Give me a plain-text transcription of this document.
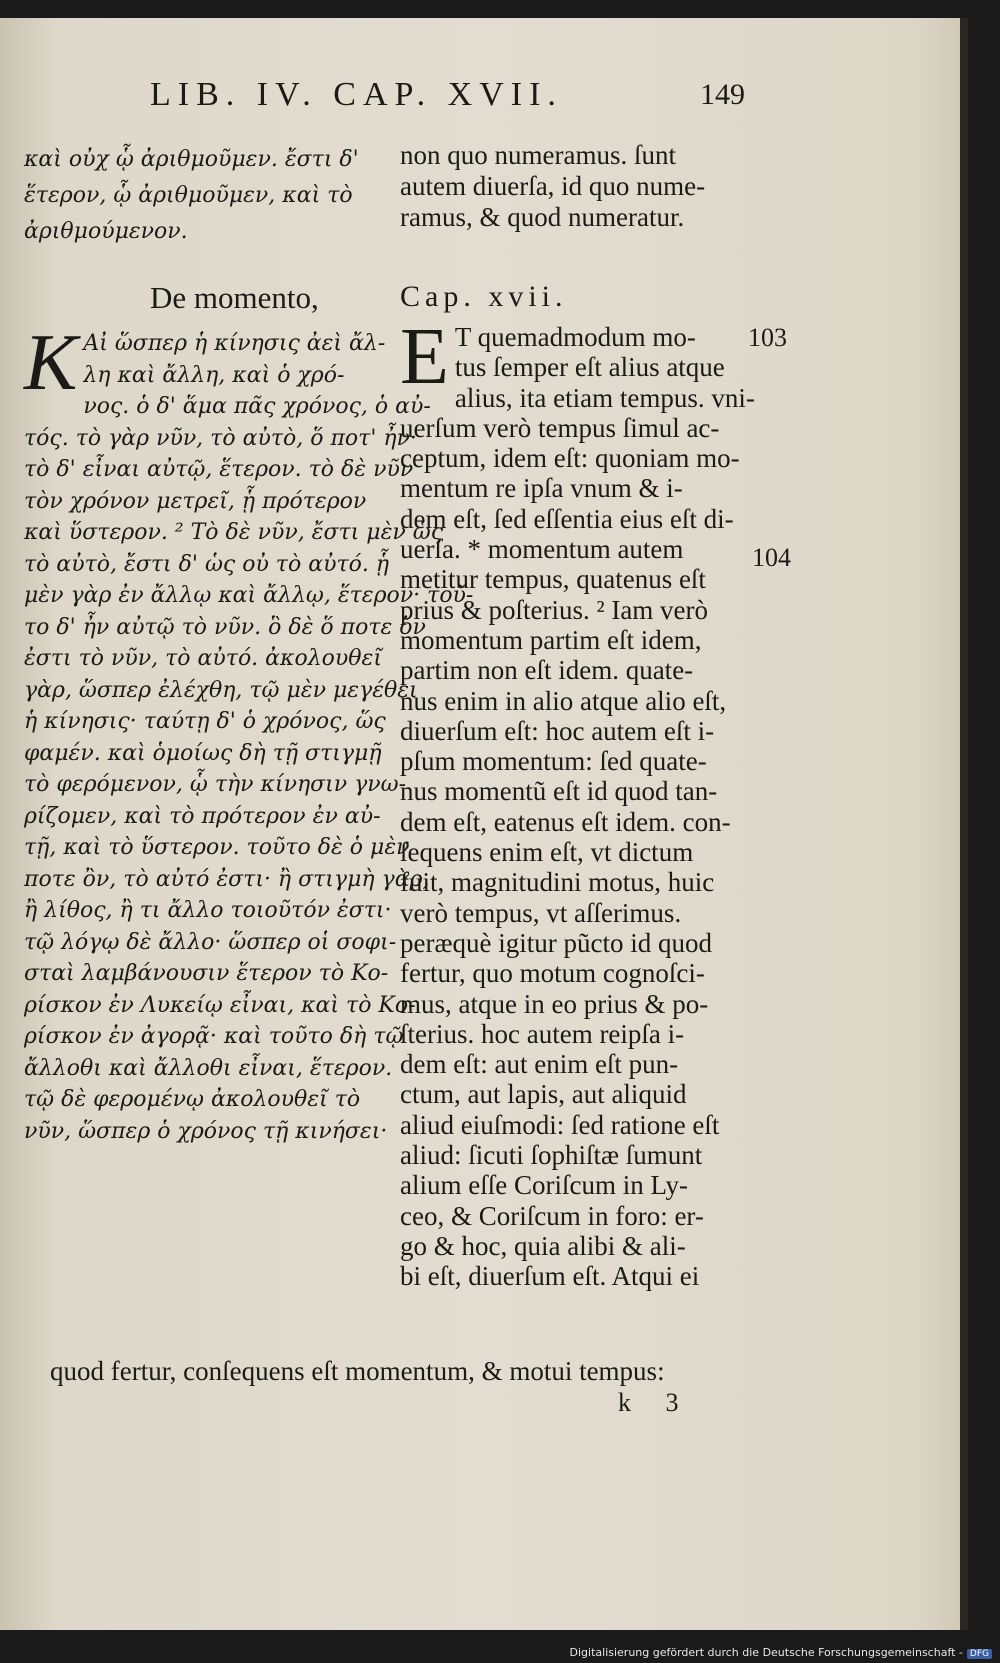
LIB. IV. CAP. XVII.	149
καὶ οὐχ ᾧ ἀριθμοῦμεν. ἔστι δ'
ἕτερον, ᾧ ἀριθμοῦμεν, καὶ τὸ
ἀριθμούμενον.
non quo numeramus. ſunt
autem diuerſa, id quo nume-
ramus, & quod numeratur.
De momento,	Cap. xvii.
K Αἰ ὥσπερ ἡ κίνησις ἀεὶ ἄλ-
λη καὶ ἄλλη, καὶ ὁ χρό-
νος. ὁ δ' ἅμα πᾶς χρόνος, ὁ αὐ-
τός. τὸ γὰρ νῦν, τὸ αὐτὸ, ὅ ποτ' ἦν·
τὸ δ' εἶναι αὐτῷ, ἕτερον. τὸ δὲ νῦν
τὸν χρόνον μετρεῖ, ᾗ πρότερον
καὶ ὕστερον. ² Τὸ δὲ νῦν, ἔστι μὲν ὡς
τὸ αὐτὸ, ἔστι δ' ὡς οὐ τὸ αὐτό. ᾗ
μὲν γὰρ ἐν ἄλλῳ καὶ ἄλλῳ, ἕτερον· τοῦ-
το δ' ἦν αὐτῷ τὸ νῦν. ὃ δὲ ὅ ποτε ὄν
ἐστι τὸ νῦν, τὸ αὐτό. ἀκολουθεῖ
γὰρ, ὥσπερ ἐλέχθη, τῷ μὲν μεγέθει
ἡ κίνησις· ταύτῃ δ' ὁ χρόνος, ὥς
φαμέν. καὶ ὁμοίως δὴ τῇ στιγμῇ
τὸ φερόμενον, ᾧ τὴν κίνησιν γνω-
ρίζομεν, καὶ τὸ πρότερον ἐν αὐ-
τῇ, καὶ τὸ ὕστερον. τοῦτο δὲ ὁ μὲν
ποτε ὂν, τὸ αὐτό ἐστι· ἢ στιγμὴ γὰρ,
ἢ λίθος, ἢ τι ἄλλο τοιοῦτόν ἐστι·
τῷ λόγῳ δὲ ἄλλο· ὥσπερ οἱ σοφι-
σταὶ λαμβάνουσιν ἕτερον τὸ Κο-
ρίσκον ἐν Λυκείῳ εἶναι, καὶ τὸ Κο-
ρίσκον ἐν ἀγορᾷ· καὶ τοῦτο δὴ τῷ
ἄλλοθι καὶ ἄλλοθι εἶναι, ἕτερον.
τῷ δὲ φερομένῳ ἀκολουθεῖ τὸ
νῦν, ὥσπερ ὁ χρόνος τῇ κινήσει·
E T quemadmodum mo-
tus ſemper eſt alius atque
alius, ita etiam tempus. vni-
uerſum verò tempus ſimul ac-
ceptum, idem eſt: quoniam mo-
mentum re ipſa vnum & i-
dem eſt, ſed eſſentia eius eſt di-
uerſa. * momentum autem
metitur tempus, quatenus eſt
prius & poſterius. ² Iam verò
momentum partim eſt idem,
partim non eſt idem. quate-
nus enim in alio atque alio eſt,
diuerſum eſt: hoc autem eſt i-
pſum momentum: ſed quate-
nus momentũ eſt id quod tan-
dem eſt, eatenus eſt idem. con-
ſequens enim eſt, vt dictum
fuit, magnitudini motus, huic
verò tempus, vt aſſerimus.
peræquè igitur pũcto id quod
fertur, quo motum cognoſci-
mus, atque in eo prius & po-
ſterius. hoc autem reipſa i-
dem eſt: aut enim eſt pun-
ctum, aut lapis, aut aliquid
aliud eiuſmodi: ſed ratione eſt
aliud: ſicuti ſophiſtæ ſumunt
alium eſſe Coriſcum in Ly-
ceo, & Coriſcum in foro: er-
go & hoc, quia alibi & ali-
bi eſt, diuerſum eſt. Atqui ei
103
104
quod fertur, conſequens eſt momentum, & motui tempus:
k 3
Digitalisierung gefördert durch die Deutsche Forschungsgemeinschaft - DFG
